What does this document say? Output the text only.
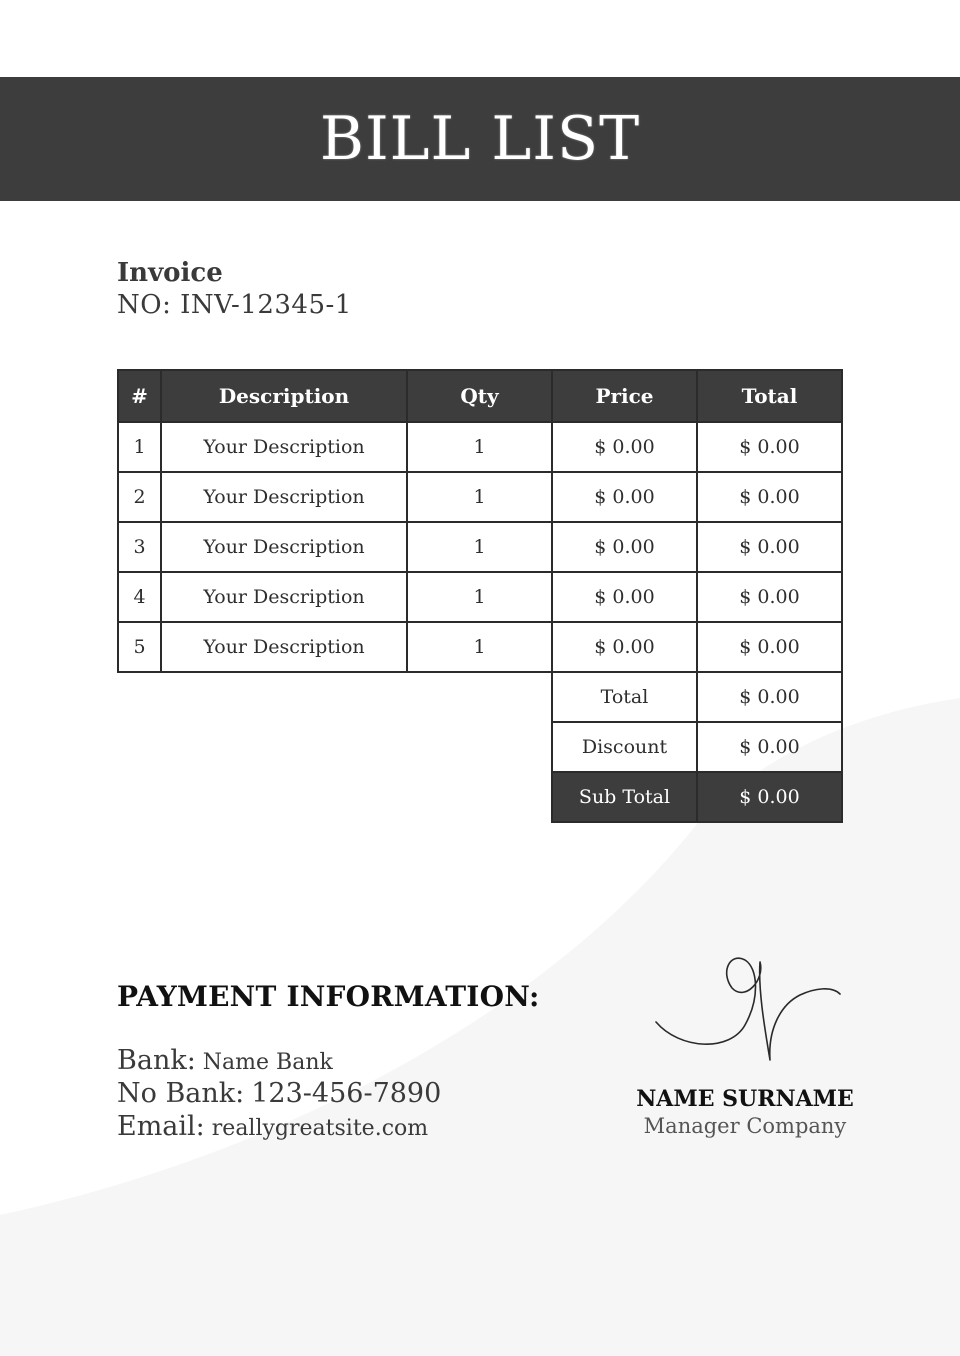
BILL LIST
Invoice
NO: INV-12345-1
#	Description	Qty	Price	Total
1	Your Description	1	$ 0.00	$ 0.00
2	Your Description	1	$ 0.00	$ 0.00
3	Your Description	1	$ 0.00	$ 0.00
4	Your Description	1	$ 0.00	$ 0.00
5	Your Description	1	$ 0.00	$ 0.00
			Total	$ 0.00
			Discount	$ 0.00
			Sub Total	$ 0.00
PAYMENT INFORMATION:
Bank: Name Bank
No Bank: 123-456-7890
Email: reallygreatsite.com
NAME SURNAME
Manager Company
